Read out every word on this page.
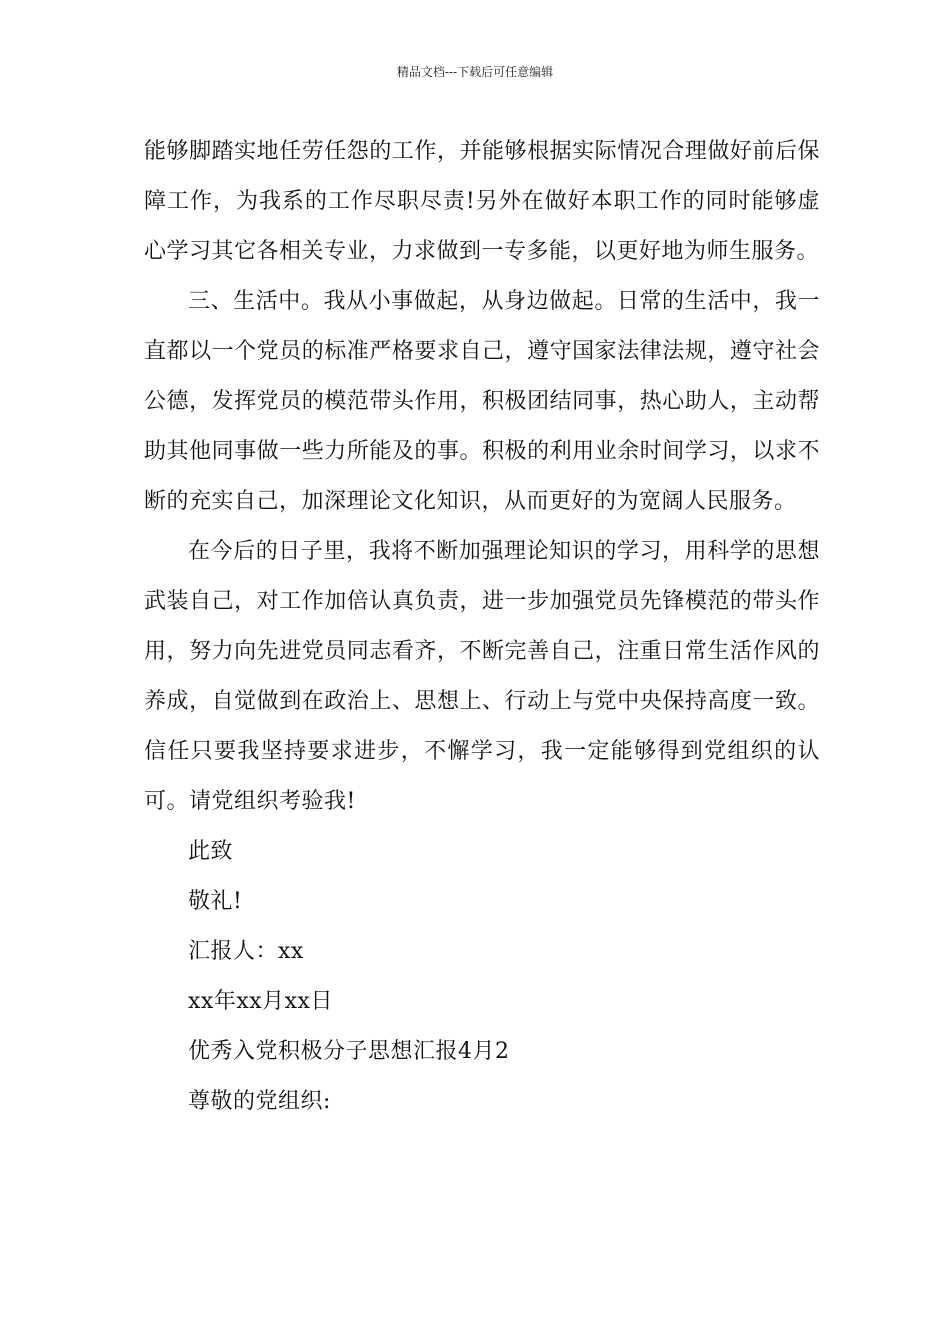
精品文档---下载后可任意编辑

能够脚踏实地任劳任怨的工作，并能够根据实际情况合理做好前后保障工作，为我系的工作尽职尽责!另外在做好本职工作的同时能够虚心学习其它各相关专业，力求做到一专多能，以更好地为师生服务。

三、生活中。我从小事做起，从身边做起。日常的生活中，我一直都以一个党员的标准严格要求自己，遵守国家法律法规，遵守社会公德，发挥党员的模范带头作用，积极团结同事，热心助人，主动帮助其他同事做一些力所能及的事。积极的利用业余时间学习，以求不断的充实自己，加深理论文化知识，从而更好的为宽阔人民服务。

在今后的日子里，我将不断加强理论知识的学习，用科学的思想武装自己，对工作加倍认真负责，进一步加强党员先锋模范的带头作用，努力向先进党员同志看齐，不断完善自己，注重日常生活作风的养成，自觉做到在政治上、思想上、行动上与党中央保持高度一致。信任只要我坚持要求进步，不懈学习，我一定能够得到党组织的认可。请党组织考验我!

此致

敬礼!

汇报人：xx

xx年xx月xx日

优秀入党积极分子思想汇报4月2

尊敬的党组织:
